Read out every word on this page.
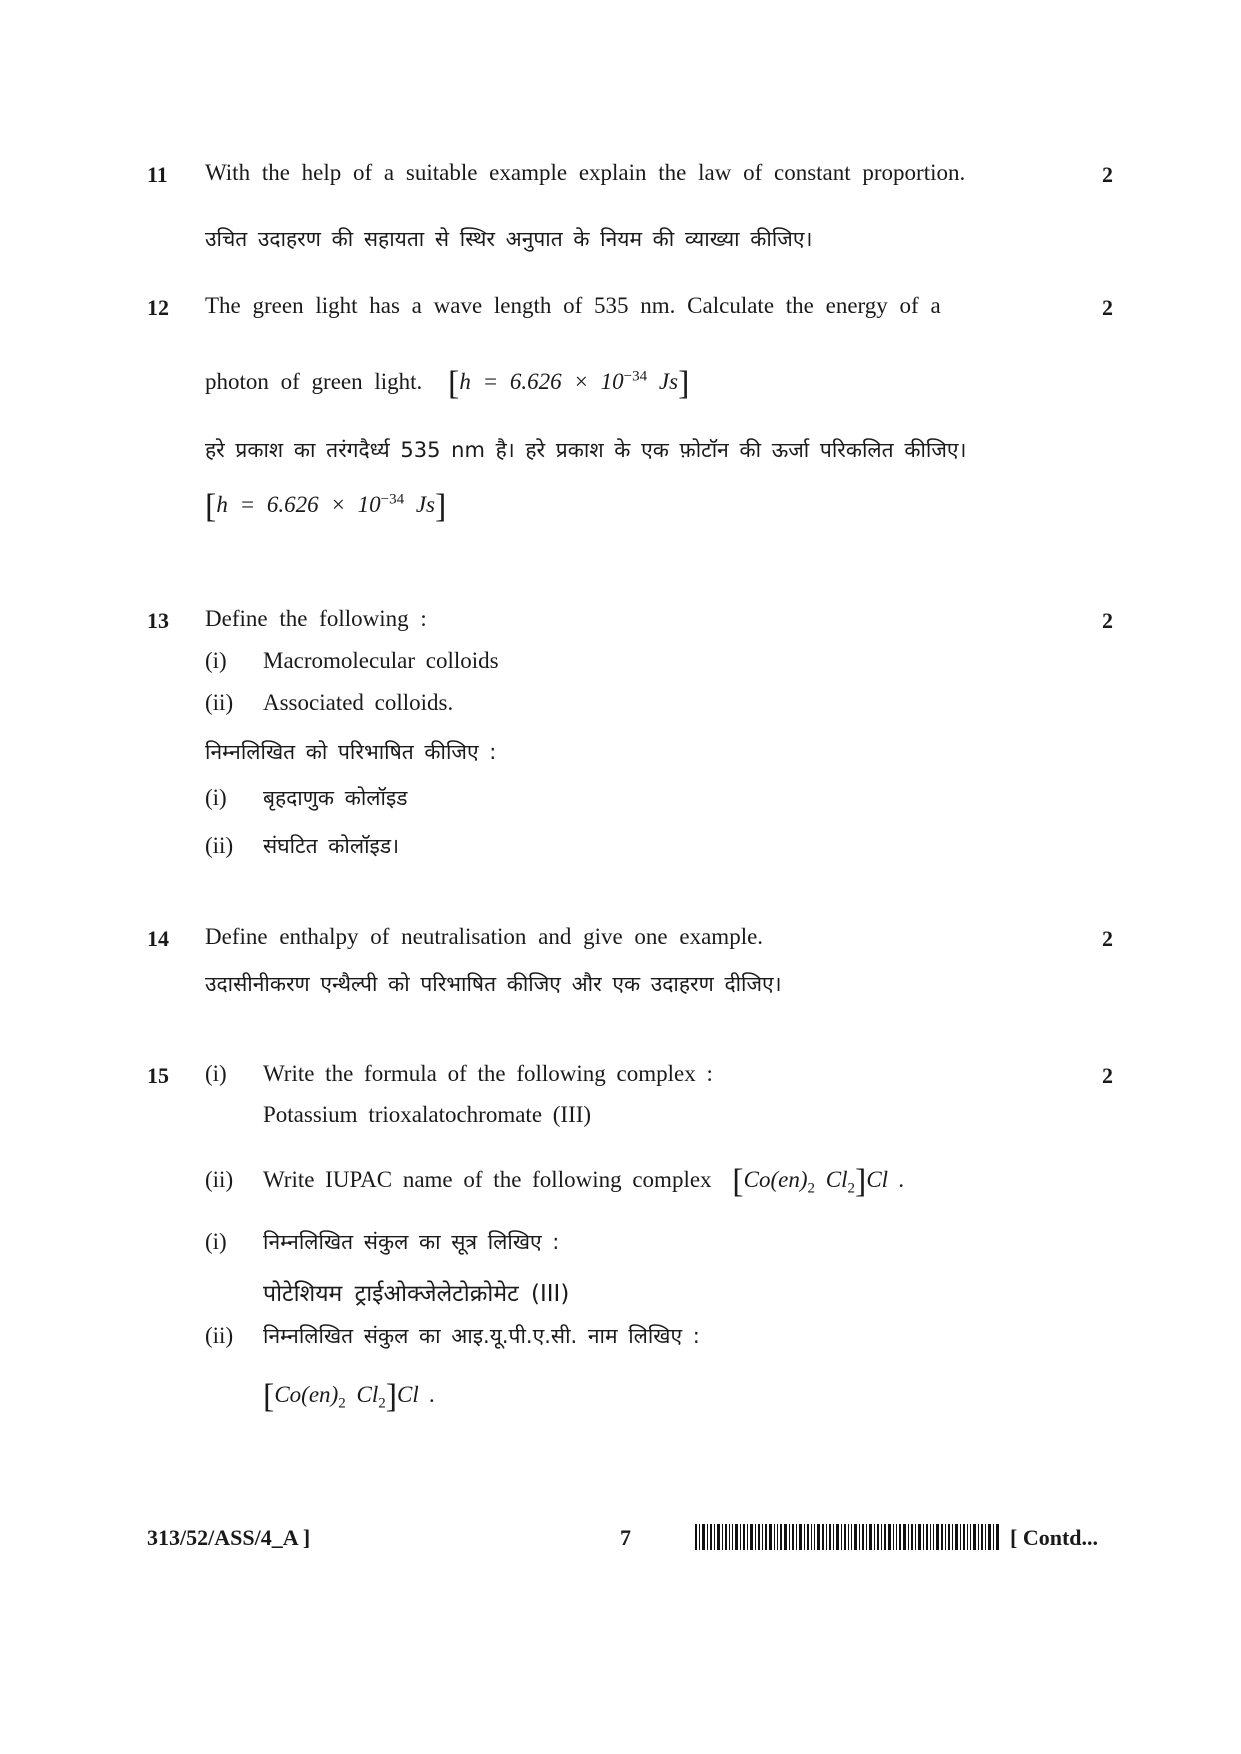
11 With the help of a suitable example explain the law of constant proportion.	2
उचित उदाहरण की सहायता से स्थिर अनुपात के नियम की व्याख्या कीजिए।
12 The green light has a wave length of 535 nm. Calculate the energy of a	2
photon of green light. [$h = 6.626 \times 10^{-34}$ Js]
हरे प्रकाश का तरंगदैर्ध्य 535 nm है। हरे प्रकाश के एक फ़ोटॉन की ऊर्जा परिकलित कीजिए।
[$h = 6.626 \times 10^{-34}$ Js]
13 Define the following :	2
(i) Macromolecular colloids
(ii) Associated colloids.
निम्नलिखित को परिभाषित कीजिए :
(i) बृहदाणुक कोलॉइड
(ii) संघटित कोलॉइड।
14 Define enthalpy of neutralisation and give one example.	2
उदासीनीकरण एन्थैल्पी को परिभाषित कीजिए और एक उदाहरण दीजिए।
15 (i) Write the formula of the following complex :	2
Potassium trioxalatochromate (III)
(ii) Write IUPAC name of the following complex [$Co(en)_2$ $Cl_2]Cl$ .
(i) निम्नलिखित संकुल का सूत्र लिखिए :
पोटेशियम ट्राईओक्जेलेटोक्रोमेट (III)
(ii) निम्नलिखित संकुल का आइ.यू.पी.ए.सी. नाम लिखिए :
[$Co(en)_2$ $Cl_2]Cl$ .
313/52/ASS/4_A ]	7	[ Contd...
